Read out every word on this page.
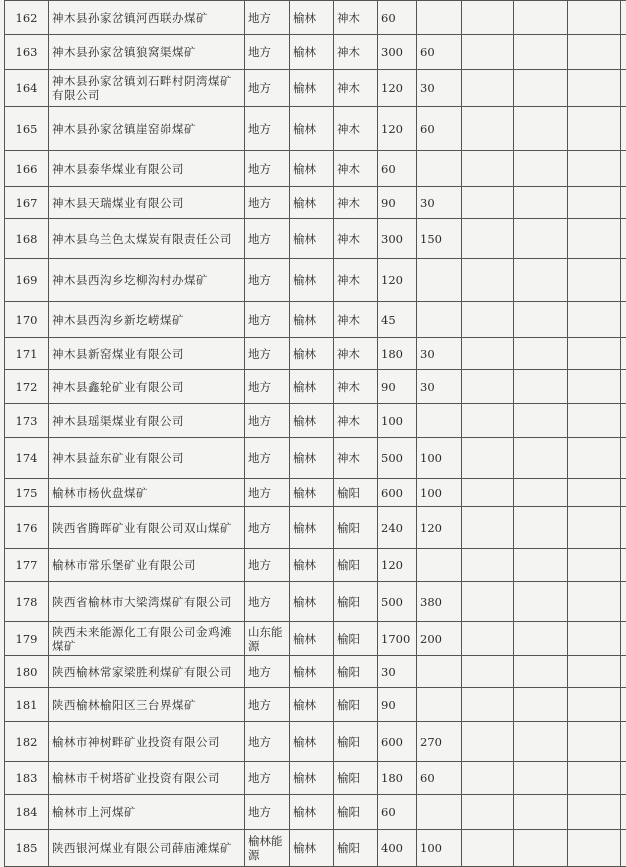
162	神木县孙家岔镇河西联办煤矿	地方	榆林	神木	60					
163	神木县孙家岔镇狼窝渠煤矿	地方	榆林	神木	300	60				
164	神木县孙家岔镇刘石畔村阴湾煤矿有限公司	地方	榆林	神木	120	30				
165	神木县孙家岔镇崖窑峁煤矿	地方	榆林	神木	120	60				
166	神木县泰华煤业有限公司	地方	榆林	神木	60					
167	神木县天瑞煤业有限公司	地方	榆林	神木	90	30				
168	神木县乌兰色太煤炭有限责任公司	地方	榆林	神木	300	150				
169	神木县西沟乡圪柳沟村办煤矿	地方	榆林	神木	120					
170	神木县西沟乡新圪崂煤矿	地方	榆林	神木	45					
171	神木县新窑煤业有限公司	地方	榆林	神木	180	30				
172	神木县鑫轮矿业有限公司	地方	榆林	神木	90	30				
173	神木县瑶渠煤业有限公司	地方	榆林	神木	100					
174	神木县益东矿业有限公司	地方	榆林	神木	500	100				
175	榆林市杨伙盘煤矿	地方	榆林	榆阳	600	100				
176	陕西省腾晖矿业有限公司双山煤矿	地方	榆林	榆阳	240	120				
177	榆林市常乐堡矿业有限公司	地方	榆林	榆阳	120					
178	陕西省榆林市大梁湾煤矿有限公司	地方	榆林	榆阳	500	380				
179	陕西未来能源化工有限公司金鸡滩煤矿	山东能源	榆林	榆阳	1700	200				
180	陕西榆林常家梁胜利煤矿有限公司	地方	榆林	榆阳	30					
181	陕西榆林榆阳区三台界煤矿	地方	榆林	榆阳	90					
182	榆林市神树畔矿业投资有限公司	地方	榆林	榆阳	600	270				
183	榆林市千树塔矿业投资有限公司	地方	榆林	榆阳	180	60				
184	榆林市上河煤矿	地方	榆林	榆阳	60					
185	陕西银河煤业有限公司薛庙滩煤矿	榆林能源	榆林	榆阳	400	100				
